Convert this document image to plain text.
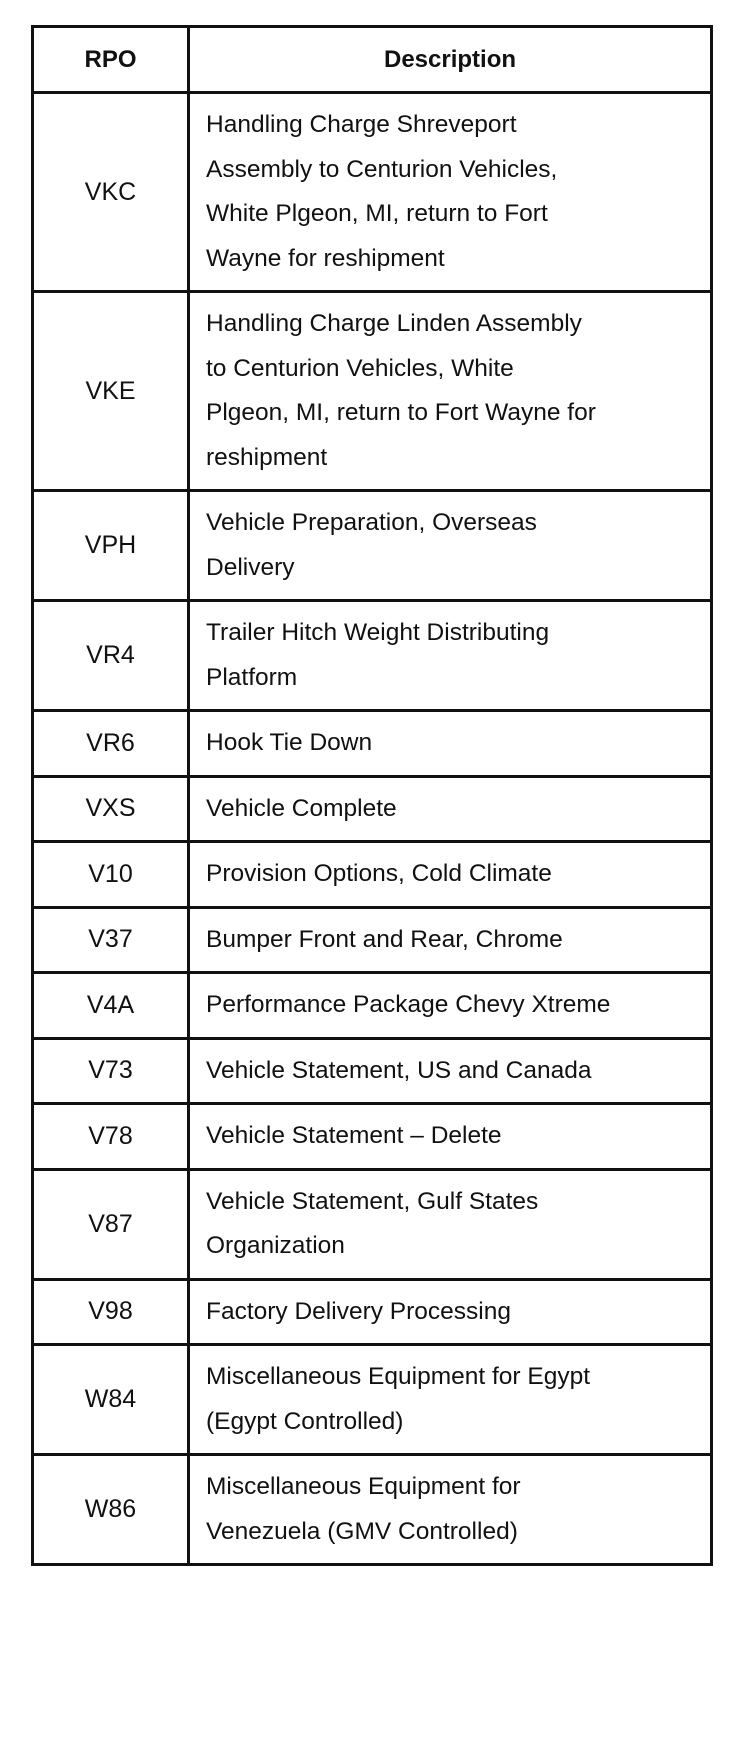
RPO	Description
VKC	Handling Charge Shreveport
Assembly to Centurion Vehicles,
White Plgeon, MI, return to Fort
Wayne for reshipment

VKE	Handling Charge Linden Assembly
to Centurion Vehicles, White
Plgeon, MI, return to Fort Wayne for
reshipment

VPH	Vehicle Preparation, Overseas
Delivery

VR4	Trailer Hitch Weight Distributing
Platform

VR6	Hook Tie Down

VXS	Vehicle Complete

V10	Provision Options, Cold Climate

V37	Bumper Front and Rear, Chrome

V4A	Performance Package Chevy Xtreme

V73	Vehicle Statement, US and Canada

V78	Vehicle Statement – Delete

V87	Vehicle Statement, Gulf States
Organization

V98	Factory Delivery Processing

W84	Miscellaneous Equipment for Egypt
(Egypt Controlled)

W86	Miscellaneous Equipment for
Venezuela (GMV Controlled)
